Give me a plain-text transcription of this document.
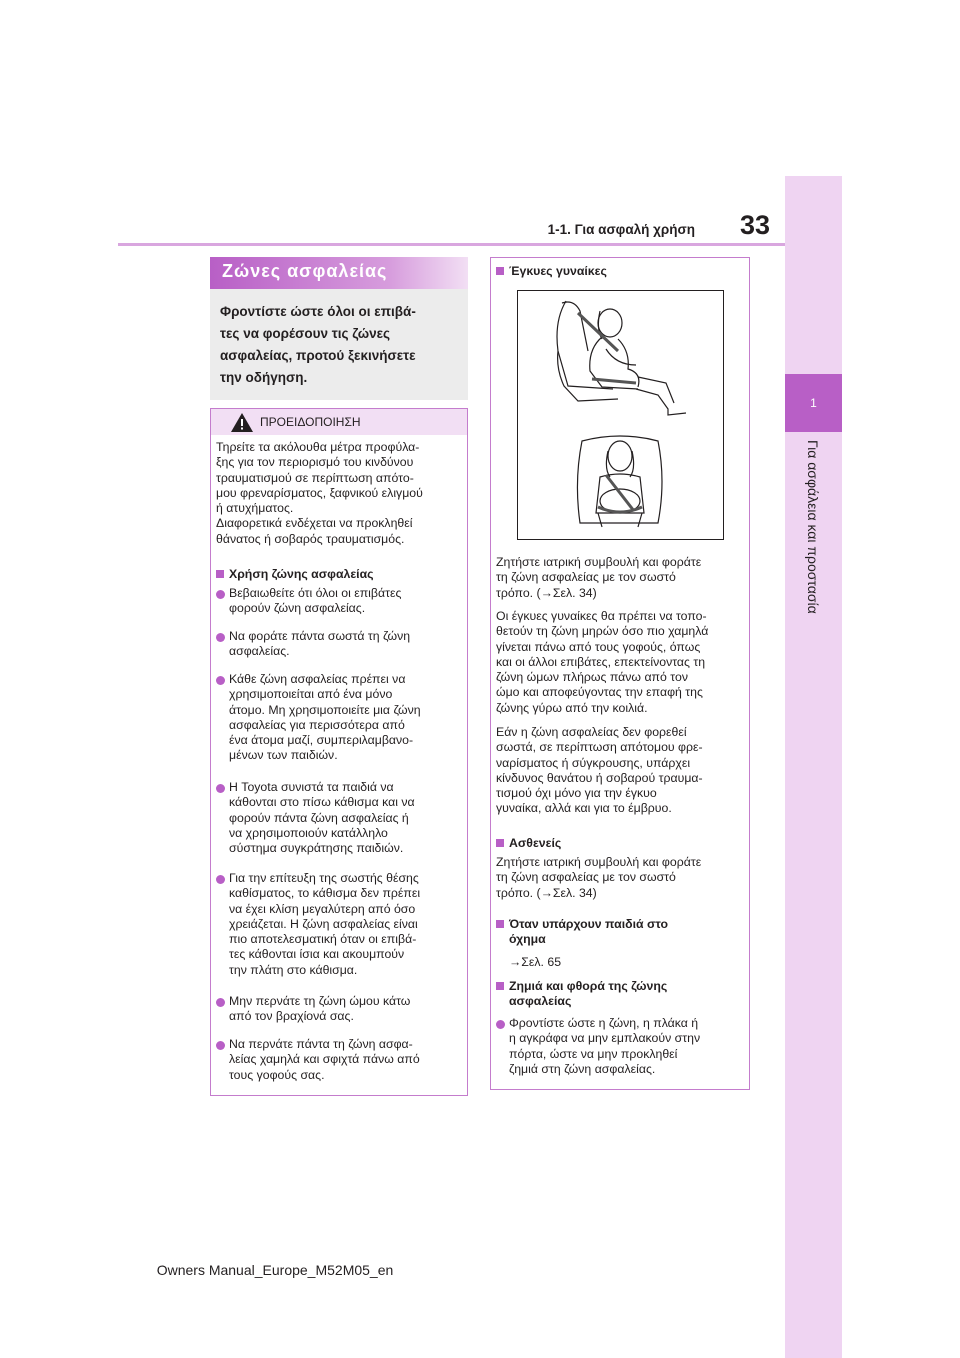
1-1. Για ασφαλή χρήση	33
1
Για ασφάλεια και προστασία
Ζώνες ασφαλείας
Φροντίστε ώστε όλοι οι επιβά-
τες να φορέσουν τις ζώνες
ασφαλείας, προτού ξεκινήσετε
την οδήγηση.
ΠΡΟΕΙΔΟΠΟΙΗΣΗ
Τηρείτε τα ακόλουθα μέτρα προφύλα-
ξης για τον περιορισμό του κινδύνου
τραυματισμού σε περίπτωση απότο-
μου φρεναρίσματος, ξαφνικού ελιγμού
ή ατυχήματος.
Διαφορετικά ενδέχεται να προκληθεί
θάνατος ή σοβαρός τραυματισμός.
Χρήση ζώνης ασφαλείας
Βεβαιωθείτε ότι όλοι οι επιβάτες
φορούν ζώνη ασφαλείας.
Να φοράτε πάντα σωστά τη ζώνη
ασφαλείας.
Κάθε ζώνη ασφαλείας πρέπει να
χρησιμοποιείται από ένα μόνο
άτομο. Μη χρησιμοποιείτε μια ζώνη
ασφαλείας για περισσότερα από
ένα άτομα μαζί, συμπεριλαμβανο-
μένων των παιδιών.
Η Toyota συνιστά τα παιδιά να
κάθονται στο πίσω κάθισμα και να
φορούν πάντα ζώνη ασφαλείας ή
να χρησιμοποιούν κατάλληλο
σύστημα συγκράτησης παιδιών.
Για την επίτευξη της σωστής θέσης
καθίσματος, το κάθισμα δεν πρέπει
να έχει κλίση μεγαλύτερη από όσο
χρειάζεται. Η ζώνη ασφαλείας είναι
πιο αποτελεσματική όταν οι επιβά-
τες κάθονται ίσια και ακουμπούν
την πλάτη στο κάθισμα.
Μην περνάτε τη ζώνη ώμου κάτω
από τον βραχίονά σας.
Να περνάτε πάντα τη ζώνη ασφα-
λείας χαμηλά και σφιχτά πάνω από
τους γοφούς σας.
Έγκυες γυναίκες
Ζητήστε ιατρική συμβουλή και φοράτε
τη ζώνη ασφαλείας με τον σωστό
τρόπο. (→Σελ. 34)
Οι έγκυες γυναίκες θα πρέπει να τοπο-
θετούν τη ζώνη μηρών όσο πιο χαμηλά
γίνεται πάνω από τους γοφούς, όπως
και οι άλλοι επιβάτες, επεκτείνοντας τη
ζώνη ώμων πλήρως πάνω από τον
ώμο και αποφεύγοντας την επαφή της
ζώνης γύρω από την κοιλιά.
Εάν η ζώνη ασφαλείας δεν φορεθεί
σωστά, σε περίπτωση απότομου φρε-
ναρίσματος ή σύγκρουσης, υπάρχει
κίνδυνος θανάτου ή σοβαρού τραυμα-
τισμού όχι μόνο για την έγκυο
γυναίκα, αλλά και για το έμβρυο.
Ασθενείς
Ζητήστε ιατρική συμβουλή και φοράτε
τη ζώνη ασφαλείας με τον σωστό
τρόπο. (→Σελ. 34)
Όταν υπάρχουν παιδιά στο
όχημα
→Σελ. 65
Ζημιά και φθορά της ζώνης
ασφαλείας
Φροντίστε ώστε η ζώνη, η πλάκα ή
η αγκράφα να μην εμπλακούν στην
πόρτα, ώστε να μην προκληθεί
ζημιά στη ζώνη ασφαλείας.
Owners Manual_Europe_M52M05_en
